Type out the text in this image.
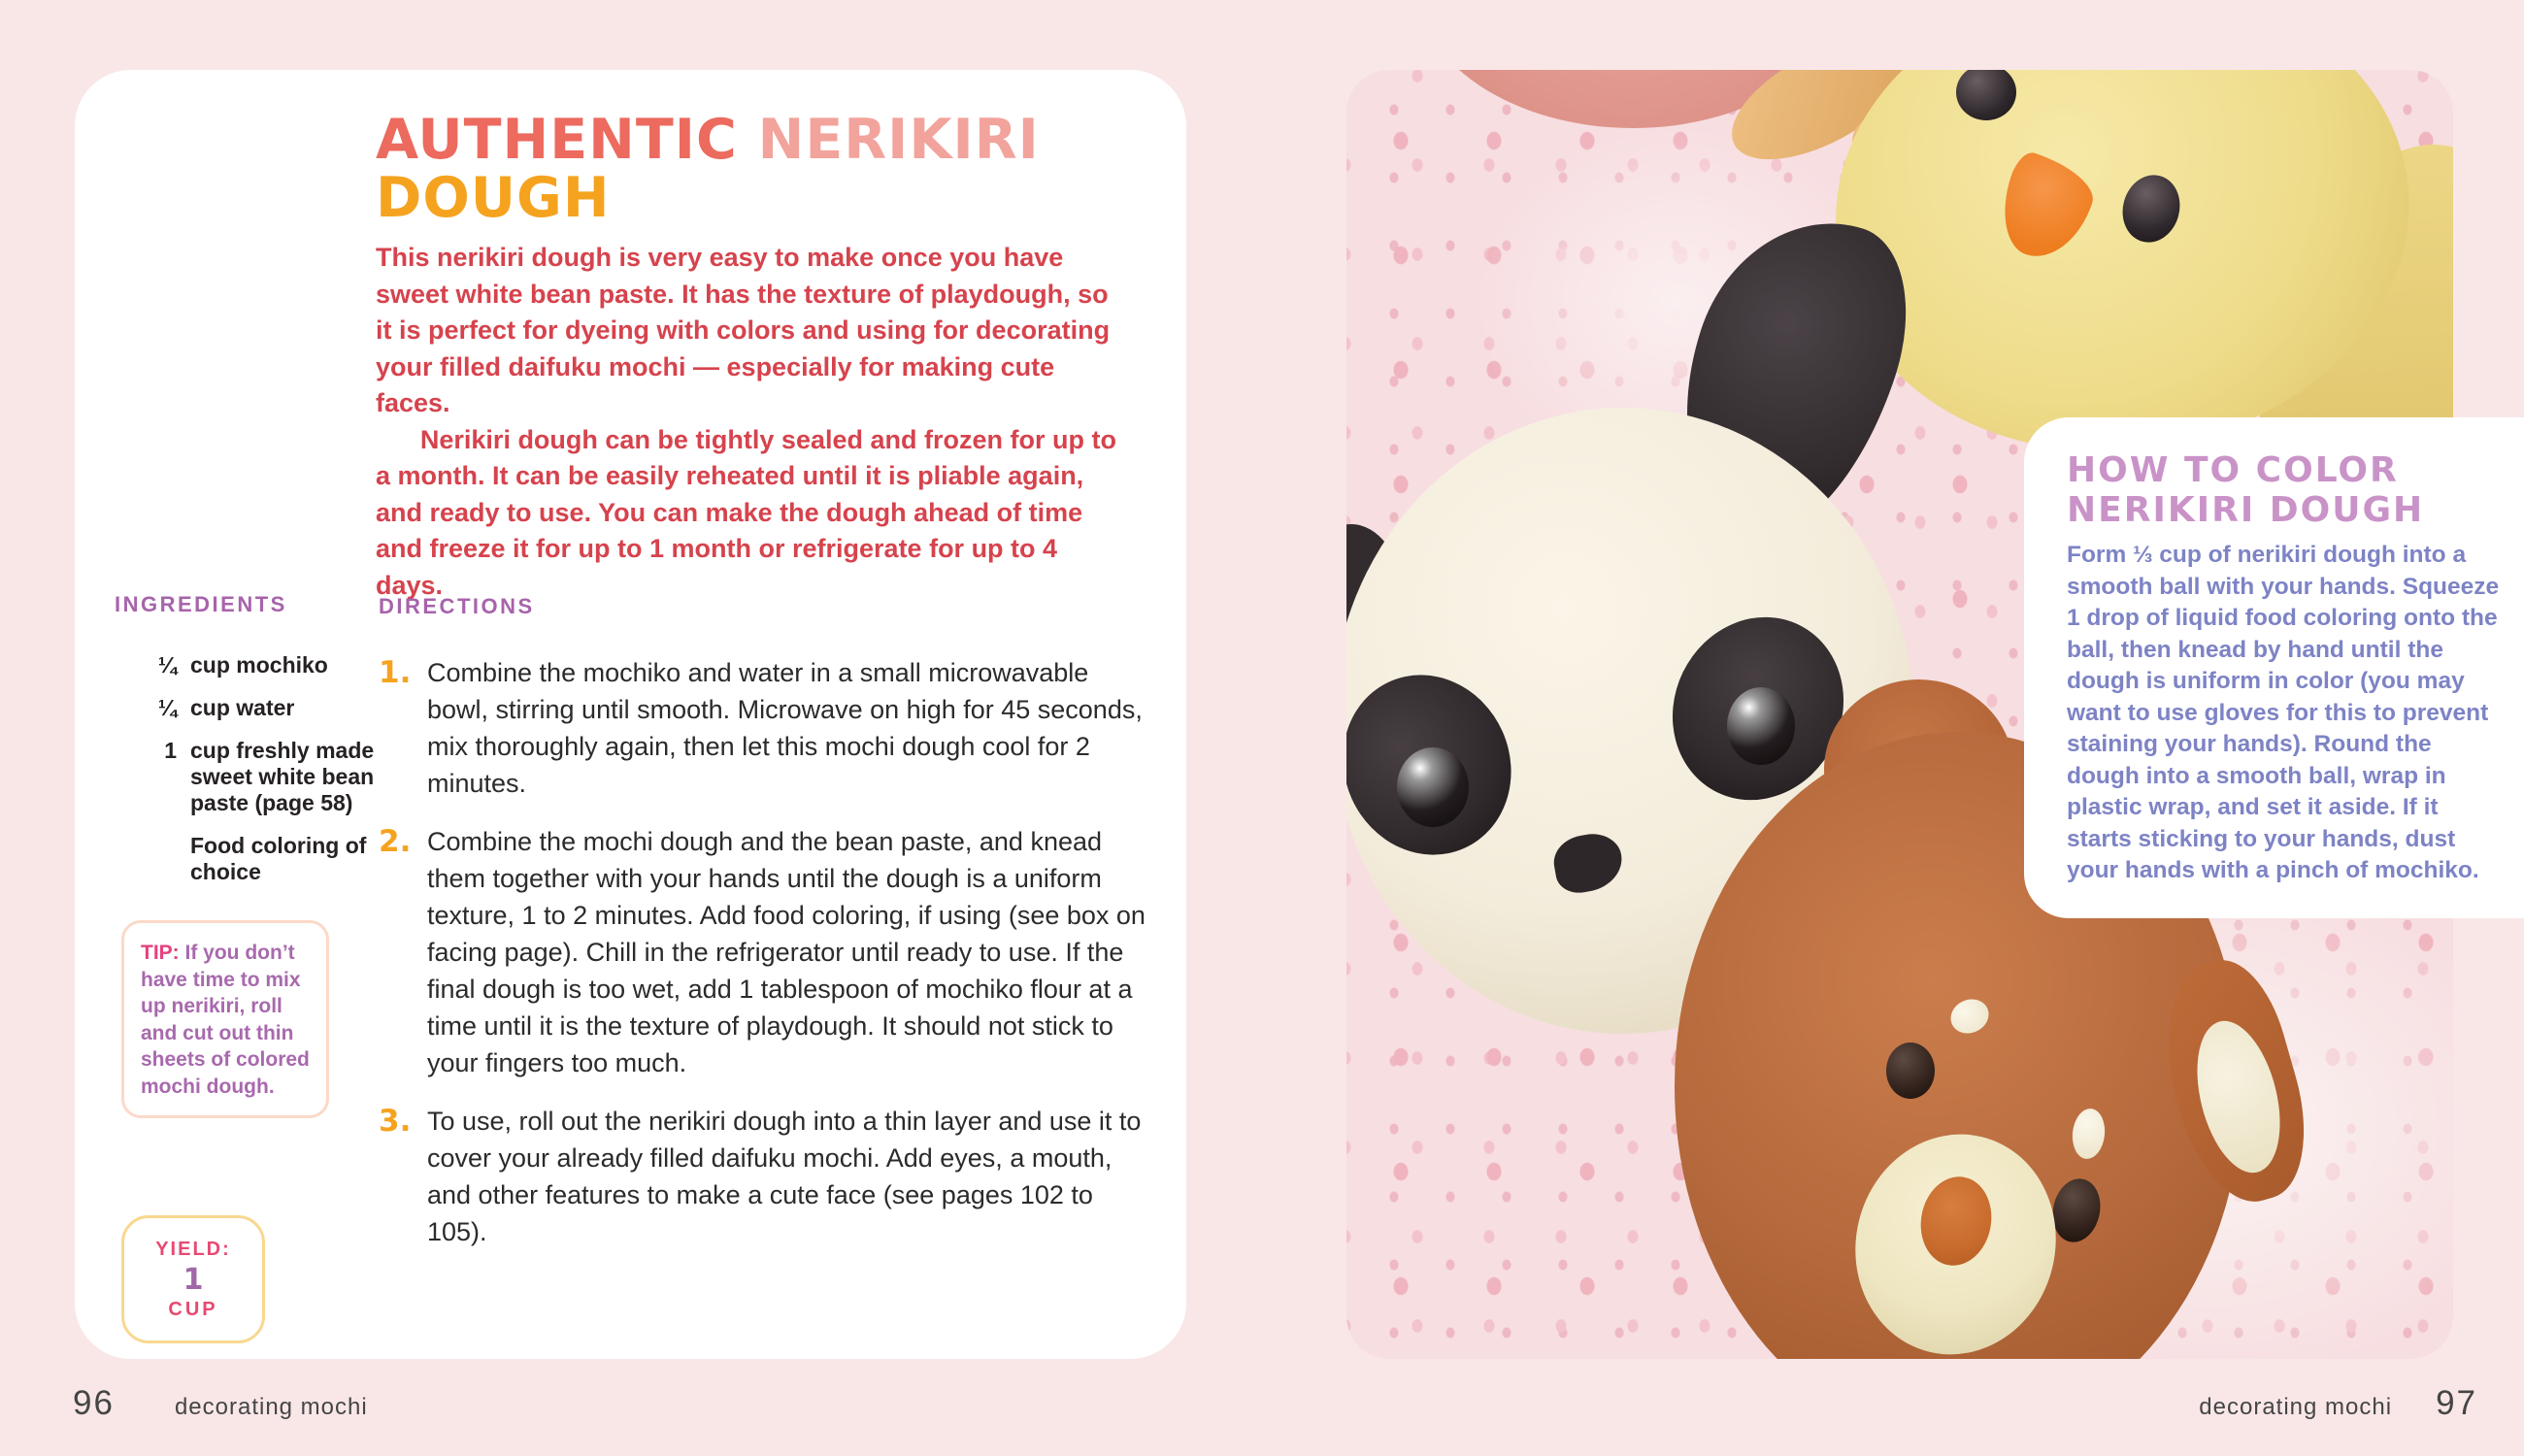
AUTHENTIC NERIKIRI
DOUGH

This nerikiri dough is very easy to make once you have sweet white bean paste. It has the texture of playdough, so it is perfect for dyeing with colors and using for decorating your filled daifuku mochi — especially for making cute faces.

Nerikiri dough can be tightly sealed and frozen for up to a month. It can be easily reheated until it is pliable again, and ready to use. You can make the dough ahead of time and freeze it for up to 1 month or refrigerate for up to 4 days.

INGREDIENTS
¼ cup mochiko
¼ cup water
1 cup freshly made sweet white bean paste (page 58)
Food coloring of choice
DIRECTIONS
1. Combine the mochiko and water in a small microwavable bowl, stirring until smooth. Microwave on high for 45 seconds, mix thoroughly again, then let this mochi dough cool for 2 minutes.
2. Combine the mochi dough and the bean paste, and knead them together with your hands until the dough is a uniform texture, 1 to 2 minutes. Add food coloring, if using (see box on facing page). Chill in the refrigerator until ready to use. If the final dough is too wet, add 1 tablespoon of mochiko flour at a time until it is the texture of playdough. It should not stick to your fingers too much.
3. To use, roll out the nerikiri dough into a thin layer and use it to cover your already filled daifuku mochi. Add eyes, a mouth, and other features to make a cute face (see pages 102 to 105).
TIP: If you don’t have time to mix up nerikiri, roll and cut out thin sheets of colored mochi dough.
YIELD:
1
CUP
96	decorating mochi
HOW TO COLOR
NERIKIRI DOUGH
Form ⅓ cup of nerikiri dough into a smooth ball with your hands. Squeeze 1 drop of liquid food coloring onto the ball, then knead by hand until the dough is uniform in color (you may want to use gloves for this to prevent staining your hands). Round the dough into a smooth ball, wrap in plastic wrap, and set it aside. If it starts sticking to your hands, dust your hands with a pinch of mochiko.
decorating mochi 97
